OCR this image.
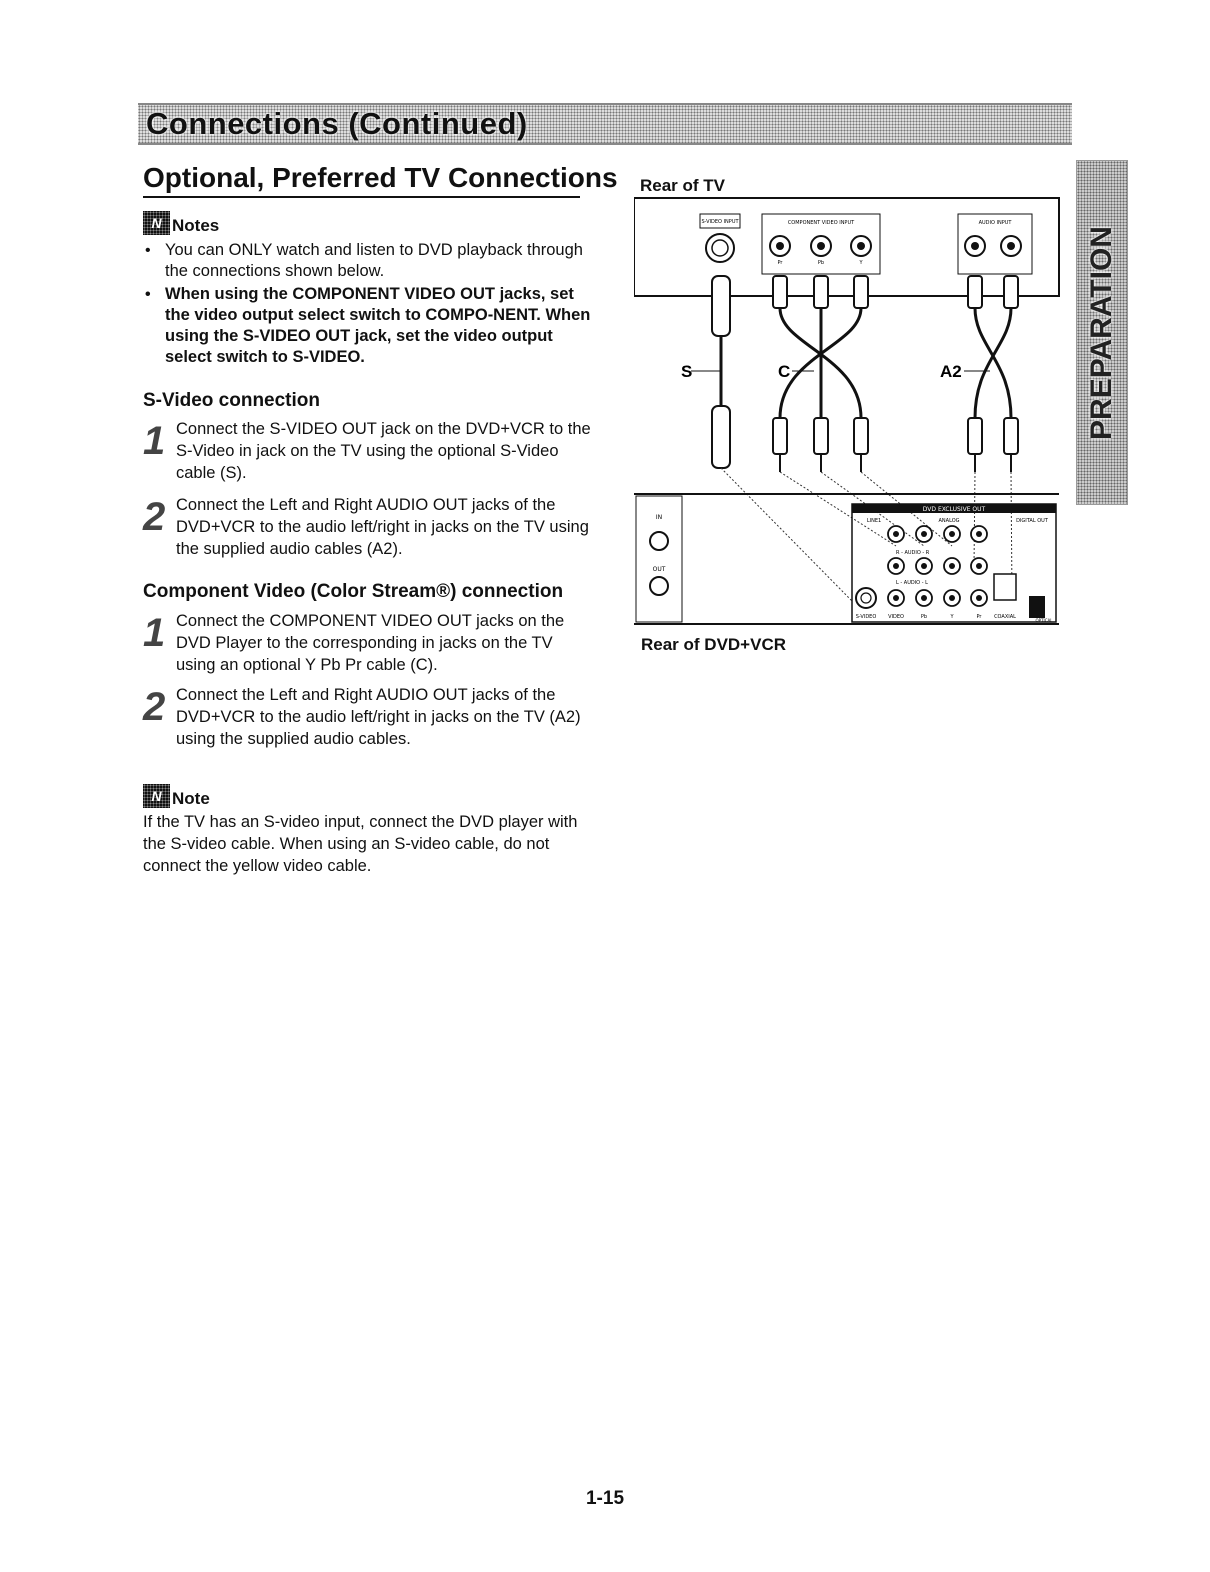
Connections (Continued)
PREPARATION
Optional, Preferred TV Connections
N Notes
• You can ONLY watch and listen to DVD playback through the connections shown below.
• When using the COMPONENT VIDEO OUT jacks, set the video output select switch to COMPO-NENT. When using the S-VIDEO OUT jack, set the video output select switch to S-VIDEO.
S-Video connection
1 Connect the S-VIDEO OUT jack on the DVD+VCR to the S-Video in jack on the TV using the optional S-Video cable (S).
2 Connect the Left and Right AUDIO OUT jacks of the DVD+VCR to the audio left/right in jacks on the TV using the supplied audio cables (A2).
Component Video (Color Stream®) connection
1 Connect the COMPONENT VIDEO OUT jacks on the DVD Player to the corresponding in jacks on the TV using an optional Y Pb Pr cable (C).
2 Connect the Left and Right AUDIO OUT jacks of the DVD+VCR to the audio left/right in jacks on the TV (A2) using the supplied audio cables.
N Note

If the TV has an S-video input, connect the DVD player with the S-video cable. When using an S-video cable, do not connect the yellow video cable.

Rear of TV
Rear of DVD+VCR
S-VIDEO INPUT	COMPONENT VIDEO INPUT	AUDIO INPUT
Pr	Pb	Y
S	C	A2
IN
OUT
DVD EXCLUSIVE OUT
ANALOG	DIGITAL OUT
LINE1
R - AUDIO - R
L - AUDIO - L
S-VIDEO VIDEO	Pb	Y	Pr	COAXIAL
OPTICAL
1-15
